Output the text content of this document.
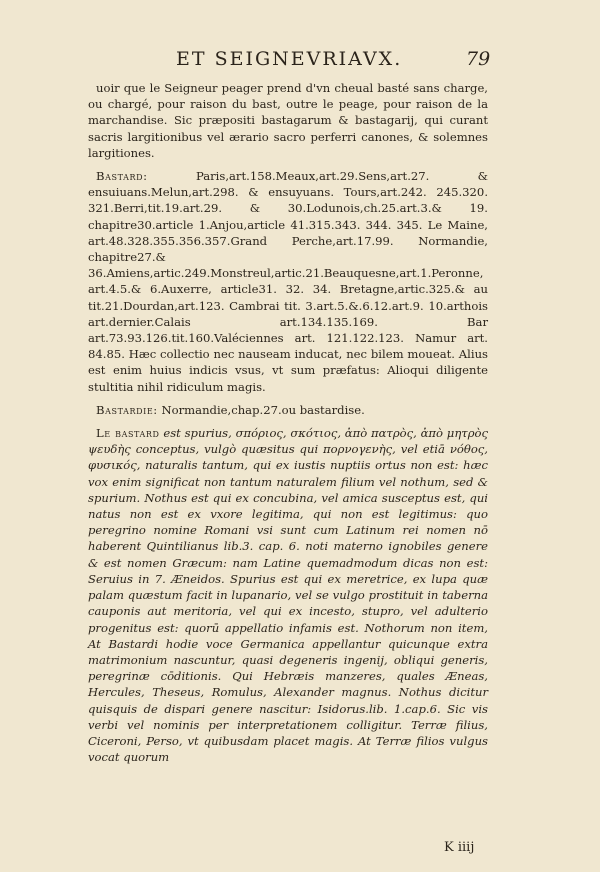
ET SEIGNEVRIAVX.	79

uoir que le Seigneur peager prend d'vn cheual basté sans charge, ou chargé, pour raison du bast, outre le peage, pour raison de la marchandise. Sic præpositi bastagarum & bastagarij, qui curant sacris largitionibus vel ærario sacro perferri canones, & solemnes largitiones.

Bastard:	Paris,art.158.Meaux,art.29.Sens,art.27. & ensuiuans.Melun,art.298. & ensuyuans. Tours,art.242. 245.320. 321.Berri,tit.19.art.29. & 30.Lodunois,ch.25.art.3.& 19. chapitre30.article 1.Anjou,article 41.315.343. 344. 345. Le Maine, art.48.328.355.356.357.Grand Perche,art.17.99. Normandie, chapitre27.& 36.Amiens,artic.249.Monstreul,artic.21.Beauquesne,art.1.Peronne, art.4.5.& 6.Auxerre, article31. 32. 34. Bretagne,artic.325.& au tit.21.Dourdan,art.123. Cambrai tit. 3.art.5.&.6.12.art.9. 10.arthois art.dernier.Calais art.134.135.169. Bar art.73.93.126.tit.160.Valéciennes art. 121.122.123. Namur art. 84.85. Hæc collectio nec nauseam inducat, nec bilem moueat. Alius est enim huius indicis vsus, vt sum præfatus: Alioqui diligente stultitia nihil ridiculum magis.

Bastardie: Normandie,chap.27.ou bastardise.

Le bastard est spurius, σπόριος, σκότιος, ἀπὸ πατρὸς, ἀπὸ μητρὸς ψευδὴς conceptus, vulgò quæsitus qui πορνογενὴς, vel etiā νόθος, φυσικός, naturalis tantum, qui ex iustis nuptiis ortus non est: hæc vox enim significat non tantum naturalem filium vel nothum, sed & spurium. Nothus est qui ex concubina, vel amica susceptus est, qui natus non est ex vxore legitima, qui non est legitimus: quo peregrino nomine Romani vsi sunt cum Latinum rei nomen nō haberent Quintilianus lib.3. cap. 6. noti materno ignobiles genere & est nomen Græcum: nam Latine quemadmodum dicas non est: Seruius in 7. Æneidos. Spurius est qui ex meretrice, ex lupa quæ palam quæstum facit in lupanario, vel se vulgo prostituit in taberna cauponis aut meritoria, vel qui ex incesto, stupro, vel adulterio progenitus est: quorū appellatio infamis est. Nothorum non item, At Bastardi hodie voce Germanica appellantur quicunque extra matrimonium nascuntur, quasi degeneris ingenij, obliqui generis, peregrinæ cōditionis. Qui Hebræis manzeres, quales Æneas, Hercules, Theseus, Romulus, Alexander magnus. Nothus dicitur quisquis de dispari genere nascitur: Isidorus.lib. 1.cap.6. Sic vis verbi vel nominis per interpretationem colligitur. Terræ filius, Ciceroni, Perso, vt quibusdam placet magis. At Terræ filios vulgus vocat quorum

K iiij
